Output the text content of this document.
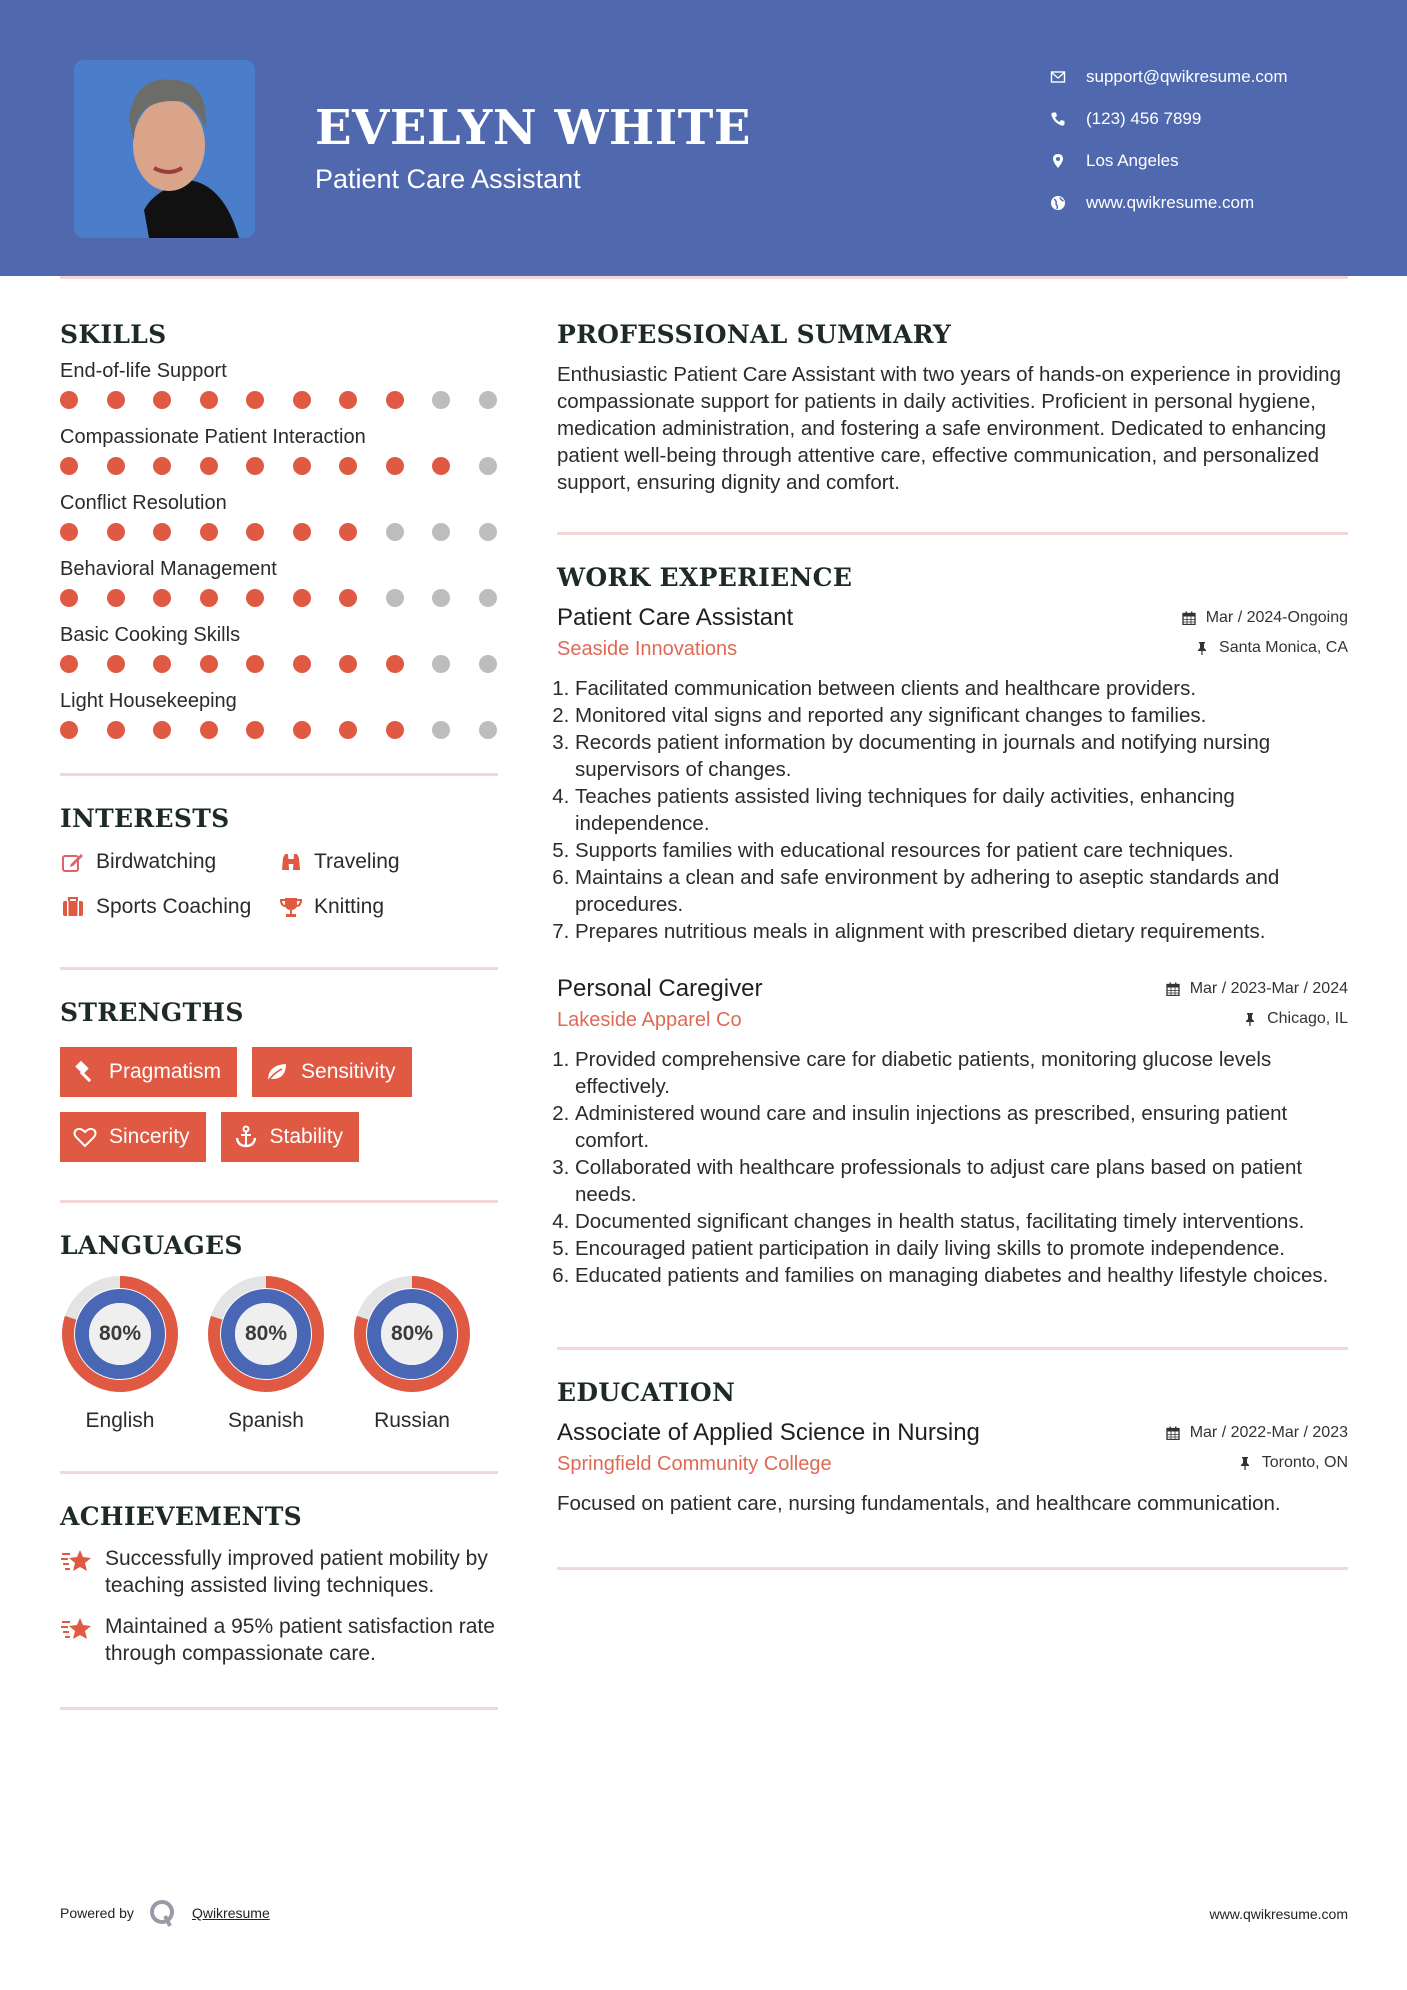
EVELYN WHITE
Patient Care Assistant
support@qwikresume.com
(123) 456 7899
Los Angeles
www.qwikresume.com
SKILLS
End-of-life Support
Compassionate Patient Interaction
Conflict Resolution
Behavioral Management
Basic Cooking Skills
Light Housekeeping
INTERESTS
Birdwatching	Traveling
Sports Coaching	Knitting
STRENGTHS
Pragmatism	Sensitivity
Sincerity	Stability
LANGUAGES
80%
English
80%
Spanish
80%
Russian
ACHIEVEMENTS
Successfully improved patient mobility by teaching assisted living techniques.
Maintained a 95% patient satisfaction rate through compassionate care.
PROFESSIONAL SUMMARY
Enthusiastic Patient Care Assistant with two years of hands-on experience in providing compassionate support for patients in daily activities. Proficient in personal hygiene, medication administration, and fostering a safe environment. Dedicated to enhancing patient well-being through attentive care, effective communication, and personalized support, ensuring dignity and comfort.
WORK EXPERIENCE
Patient Care Assistant	Mar / 2024-Ongoing
Seaside Innovations	Santa Monica, CA
1. Facilitated communication between clients and healthcare providers.
2. Monitored vital signs and reported any significant changes to families.
3. Records patient information by documenting in journals and notifying nursing supervisors of changes.
4. Teaches patients assisted living techniques for daily activities, enhancing independence.
5. Supports families with educational resources for patient care techniques.
6. Maintains a clean and safe environment by adhering to aseptic standards and procedures.
7. Prepares nutritious meals in alignment with prescribed dietary requirements.
Personal Caregiver	Mar / 2023-Mar / 2024
Lakeside Apparel Co	Chicago, IL
1. Provided comprehensive care for diabetic patients, monitoring glucose levels effectively.
2. Administered wound care and insulin injections as prescribed, ensuring patient comfort.
3. Collaborated with healthcare professionals to adjust care plans based on patient needs.
4. Documented significant changes in health status, facilitating timely interventions.
5. Encouraged patient participation in daily living skills to promote independence.
6. Educated patients and families on managing diabetes and healthy lifestyle choices.
EDUCATION
Associate of Applied Science in Nursing	Mar / 2022-Mar / 2023
Springfield Community College	Toronto, ON
Focused on patient care, nursing fundamentals, and healthcare communication.
Powered by	Qwikresume	www.qwikresume.com
